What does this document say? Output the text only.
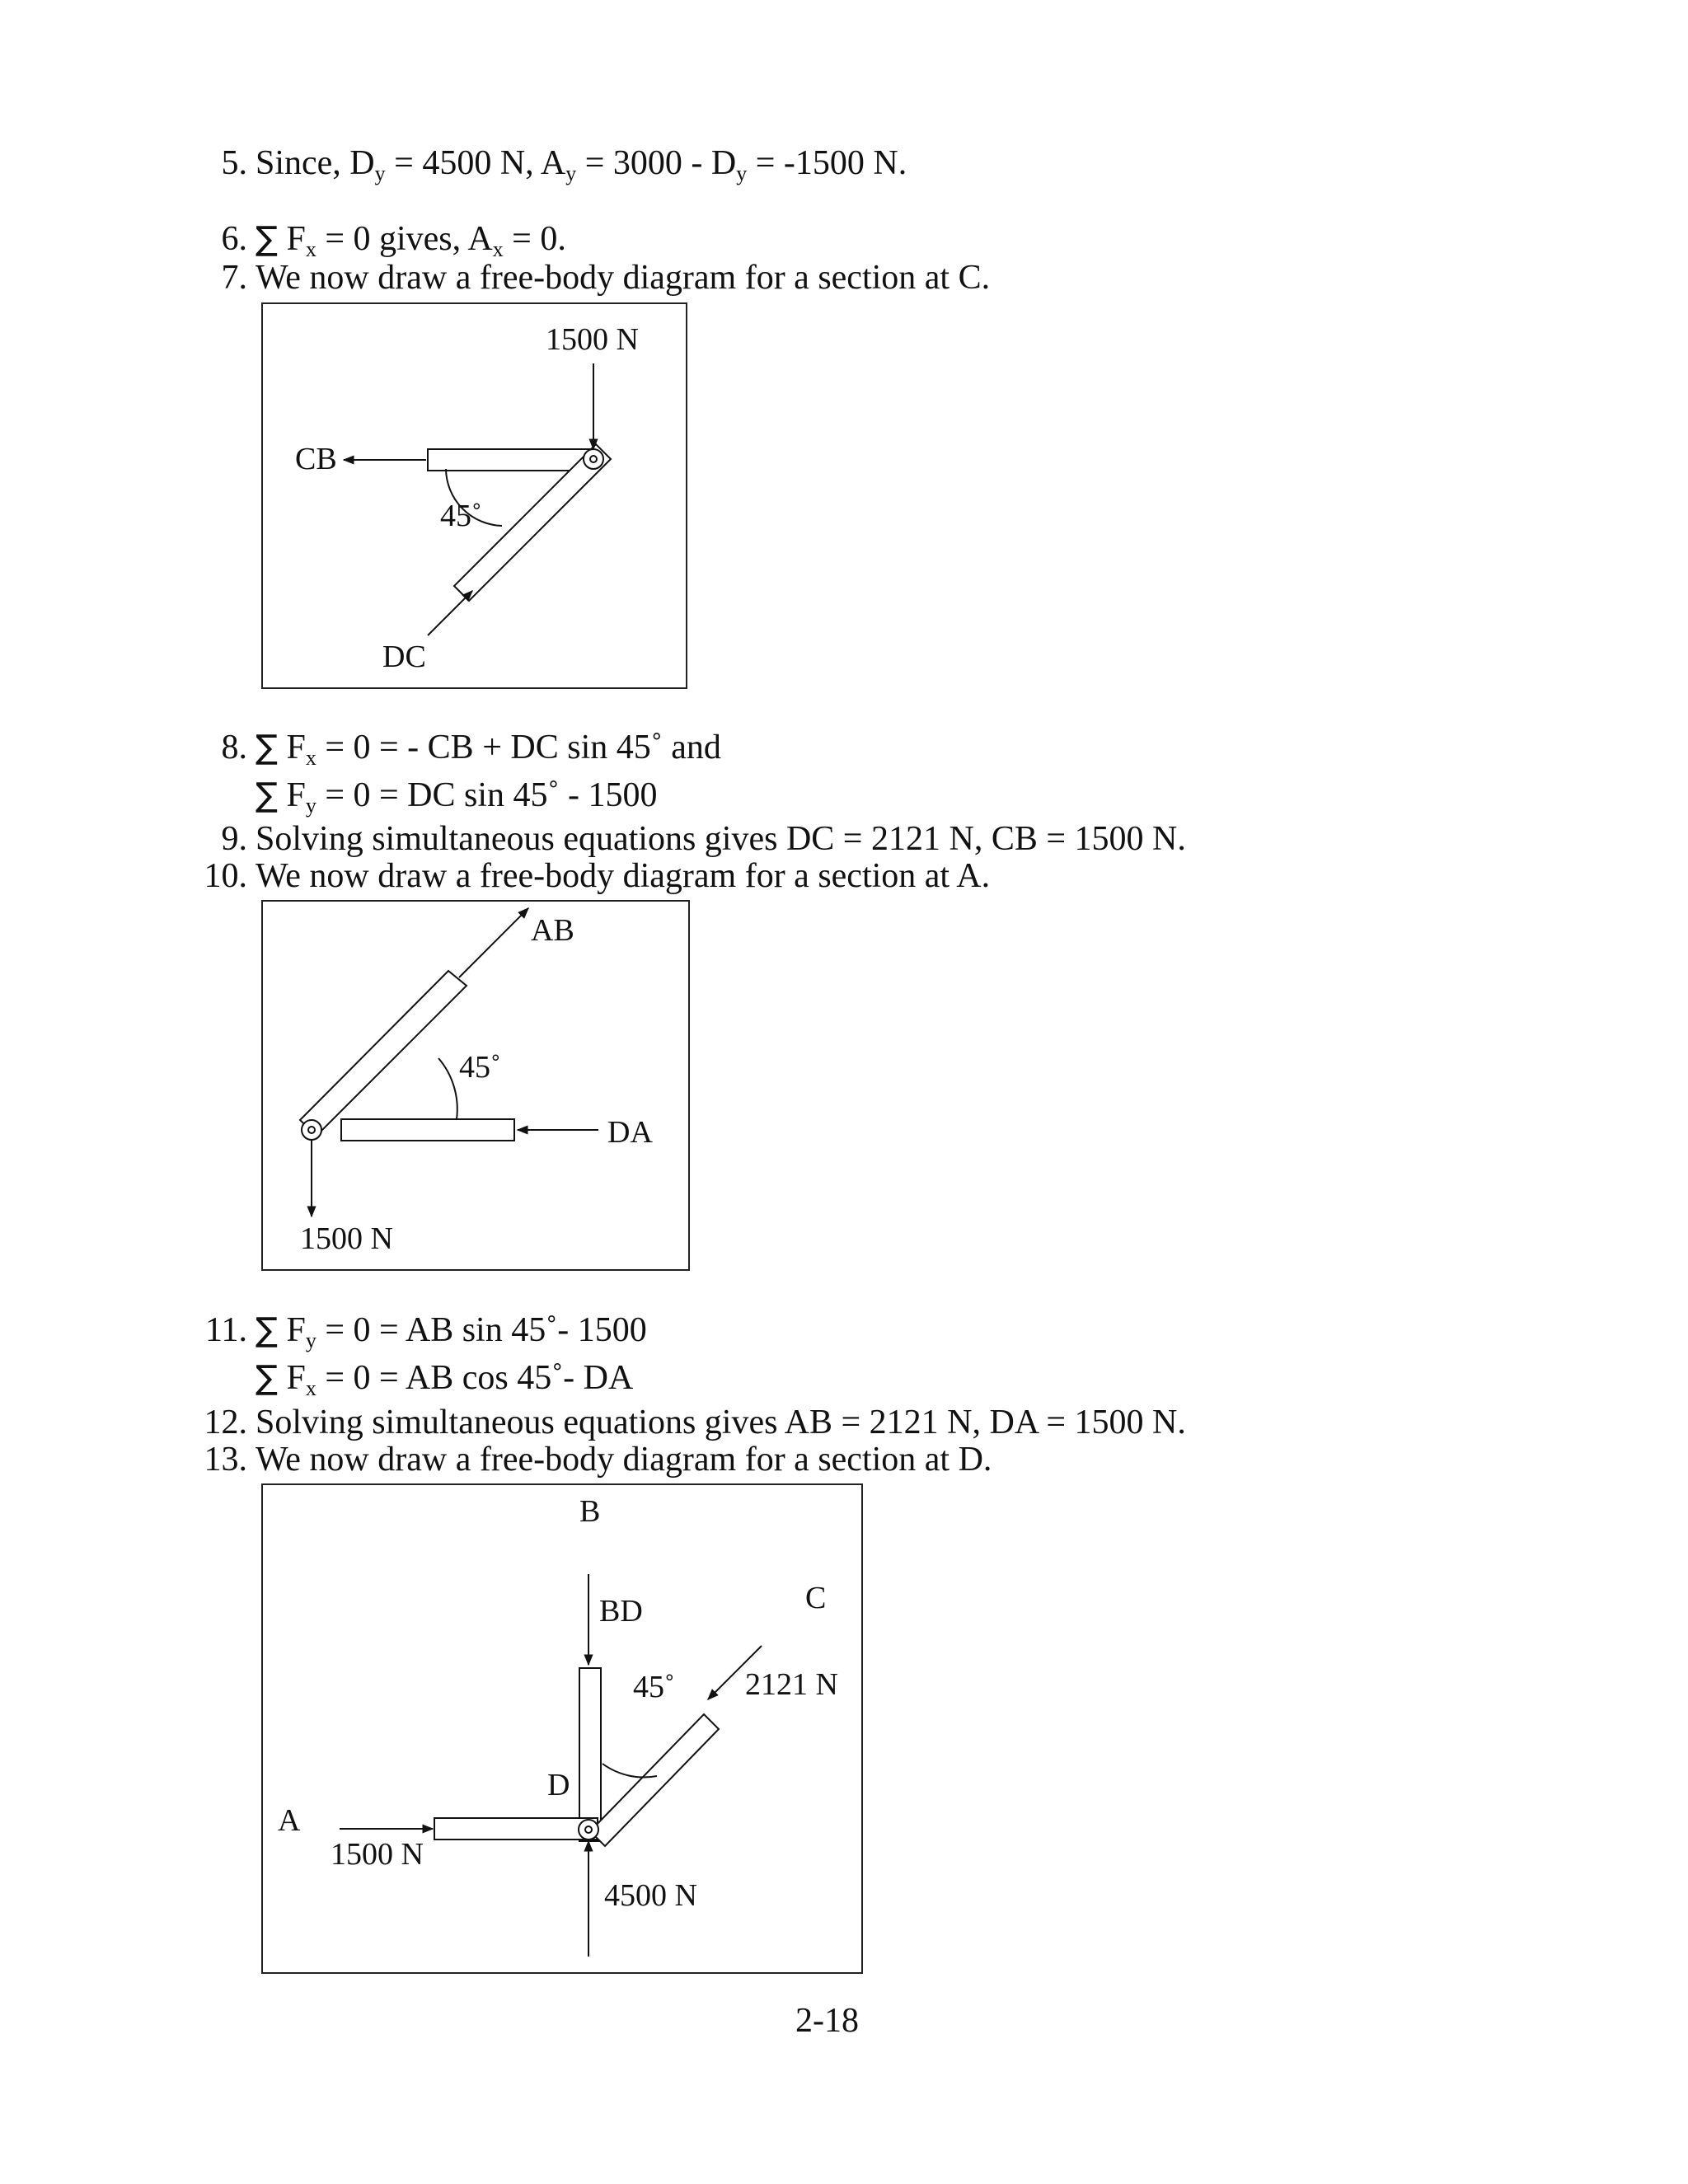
5. Since, $D_y = 4500$ N, $A_y = 3000 - D_y = -1500$ N.
6. ∑ $F_x = 0$ gives, $A_x = 0$.
7. We now draw a free-body diagram for a section at C.
1500 N
CB
45˚
DC
8. ∑ $F_x = 0$ = - CB + DC sin 45˚ and
∑ $F_y = 0$ = DC sin 45˚ - 1500
9. Solving simultaneous equations gives DC = 2121 N, CB = 1500 N.
10. We now draw a free-body diagram for a section at A.
AB
45˚
DA
1500 N
11. ∑ $F_y = 0$ = AB sin 45˚- 1500
∑ $F_x = 0$ = AB cos 45˚- DA
12. Solving simultaneous equations gives AB = 2121 N, DA = 1500 N.
13. We now draw a free-body diagram for a section at D.
B
C
BD
45˚ 2121 N
D
A
1500 N
4500 N
2-18
